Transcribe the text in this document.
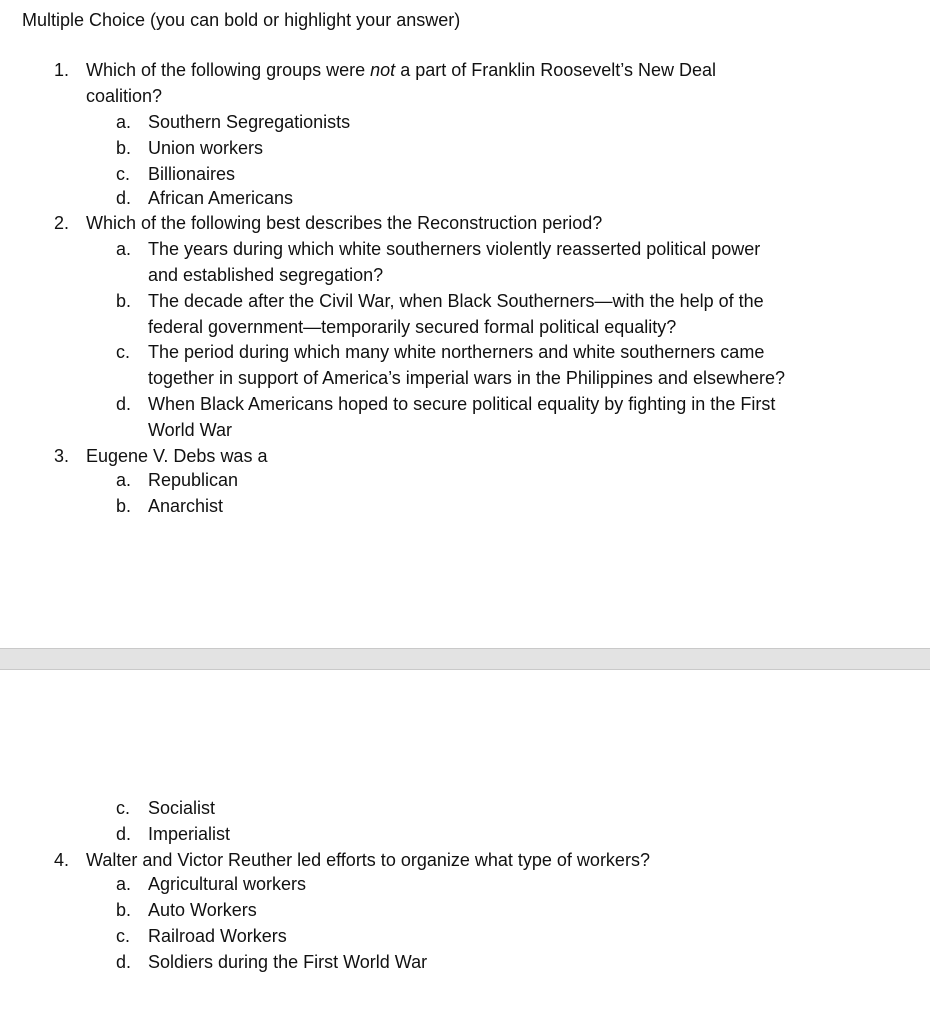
Multiple Choice (you can bold or highlight your answer)
1. Which of the following groups were not a part of Franklin Roosevelt’s New Deal
coalition?
a. Southern Segregationists
b. Union workers
c. Billionaires
d. African Americans
2. Which of the following best describes the Reconstruction period?
a. The years during which white southerners violently reasserted political power
and established segregation?
b. The decade after the Civil War, when Black Southerners—with the help of the
federal government—temporarily secured formal political equality?
c. The period during which many white northerners and white southerners came
together in support of America’s imperial wars in the Philippines and elsewhere?
d. When Black Americans hoped to secure political equality by fighting in the First
World War
3. Eugene V. Debs was a
a. Republican
b. Anarchist
c. Socialist
d. Imperialist
4. Walter and Victor Reuther led efforts to organize what type of workers?
a. Agricultural workers
b. Auto Workers
c. Railroad Workers
d. Soldiers during the First World War
